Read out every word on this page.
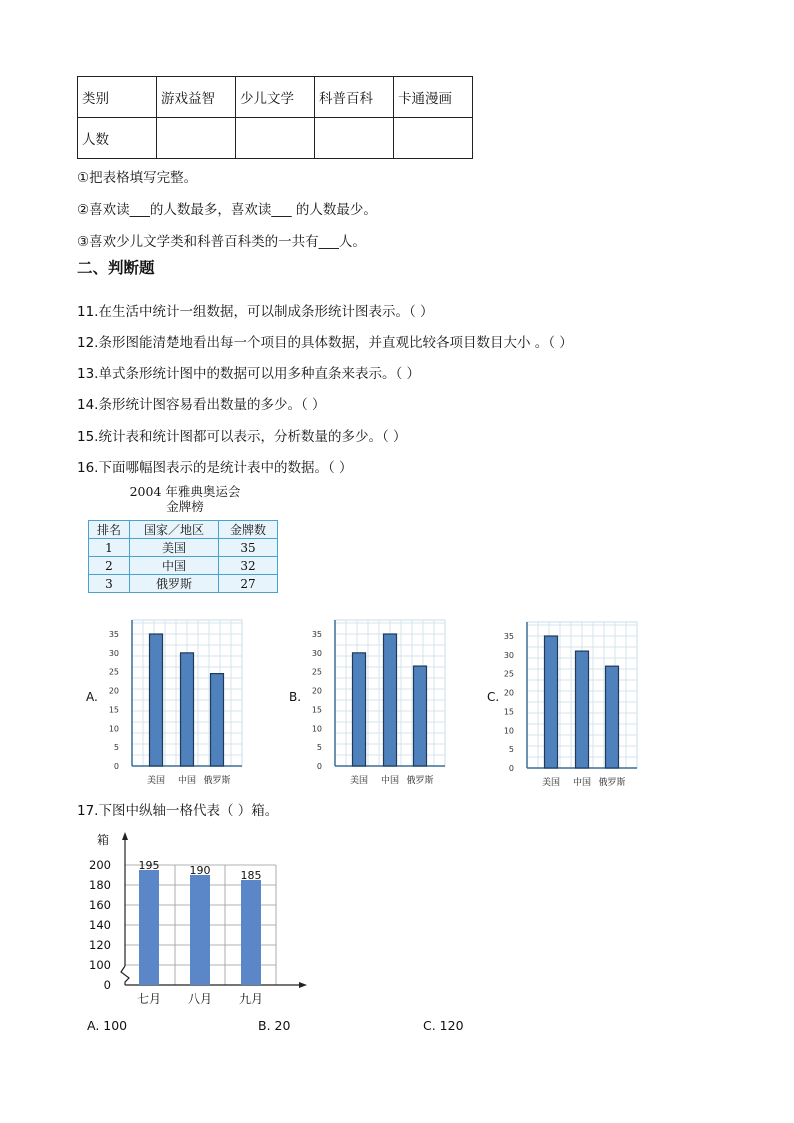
类别	游戏益智	少儿文学	科普百科	卡通漫画
人数				
①把表格填写完整。
②喜欢读___的人数最多，喜欢读___ 的人数最少。
③喜欢少儿文学类和科普百科类的一共有___人。
二、判断题
11.在生活中统计一组数据，可以制成条形统计图表示。（ ）
12.条形图能清楚地看出每一个项目的具体数据，并直观比较各项目数目大小 。（ ）
13.单式条形统计图中的数据可以用多种直条来表示。（ ）
14.条形统计图容易看出数量的多少。（ ）
15.统计表和统计图都可以表示，分析数量的多少。（ ）
16.下面哪幅图表示的是统计表中的数据。（ ）
2004 年雅典奥运会
金牌榜
排名	国家／地区	金牌数
1	美国	35
2	中国	32
3	俄罗斯	27
A.	B.	C.
35
30
25
20
15
10
5
0
美国 中国 俄罗斯
35
30
25
20
15
10
5
0
美国 中国 俄罗斯
35
30
25
20
15
10
5
0
美国 中国 俄罗斯
17.下图中纵轴一格代表（ ）箱。
箱
200
180
160
140
120
100
0
195
七月
190
八月
185
九月
A. 100	B. 20	C. 120
